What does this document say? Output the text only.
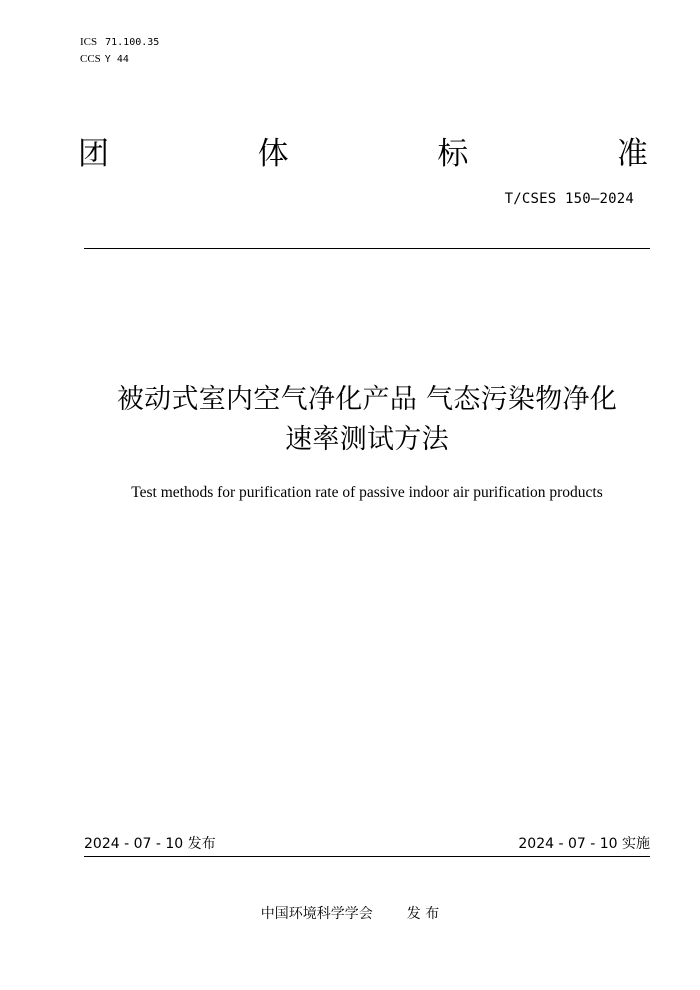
ICS 71.100.35
CCS Y 44
团	体	标	准
T/CSES 150—2024
被动式室内空气净化产品 气态污染物净化
速率测试方法
Test methods for purification rate of passive indoor air purification products
2024 - 07 - 10 发布	2024 - 07 - 10 实施
中国环境科学学会 发 布
